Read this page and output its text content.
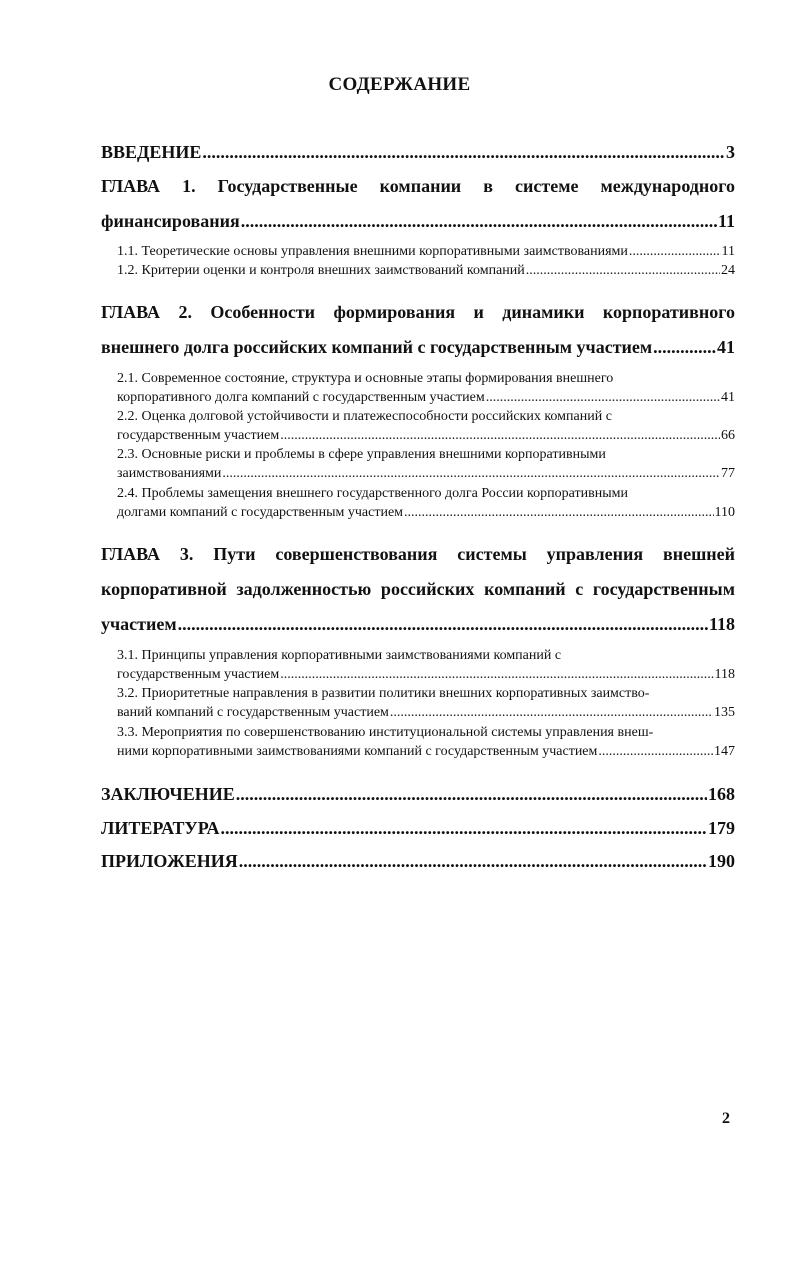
СОДЕРЖАНИЕ
ВВЕДЕНИЕ .....	3
ГЛАВА 1. Государственные компании в системе международного
финансирования .....	11
1.1. Теоретические основы управления внешними корпоративными заимствованиями .....	11
1.2. Критерии оценки и контроля внешних заимствований компаний .....	24
ГЛАВА 2. Особенности формирования и динамики корпоративного
внешнего долга российских компаний с государственным участием .....	41
2.1. Современное состояние, структура и основные этапы формирования внешнего
корпоративного долга компаний с государственным участием .....	41
2.2. Оценка долговой устойчивости и платежеспособности российских компаний с
государственным участием .....	66
2.3. Основные риски и проблемы в сфере управления внешними корпоративными
заимствованиями .....	77
2.4. Проблемы замещения внешнего государственного долга России корпоративными
долгами компаний с государственным участием .....	110
ГЛАВА 3. Пути совершенствования системы управления внешней
корпоративной задолженностью российских компаний с государственным
участием .....	118
3.1. Принципы управления корпоративными заимствованиями компаний с
государственным участием .....	118
3.2. Приоритетные направления в развитии политики внешних корпоративных заимство-
ваний компаний с государственным участием .....	135
3.3. Мероприятия по совершенствованию институциональной системы управления внеш-
ними корпоративными заимствованиями компаний с государственным участием .....	147
ЗАКЛЮЧЕНИЕ .....	168
ЛИТЕРАТУРА .....	179
ПРИЛОЖЕНИЯ .....	190
2
